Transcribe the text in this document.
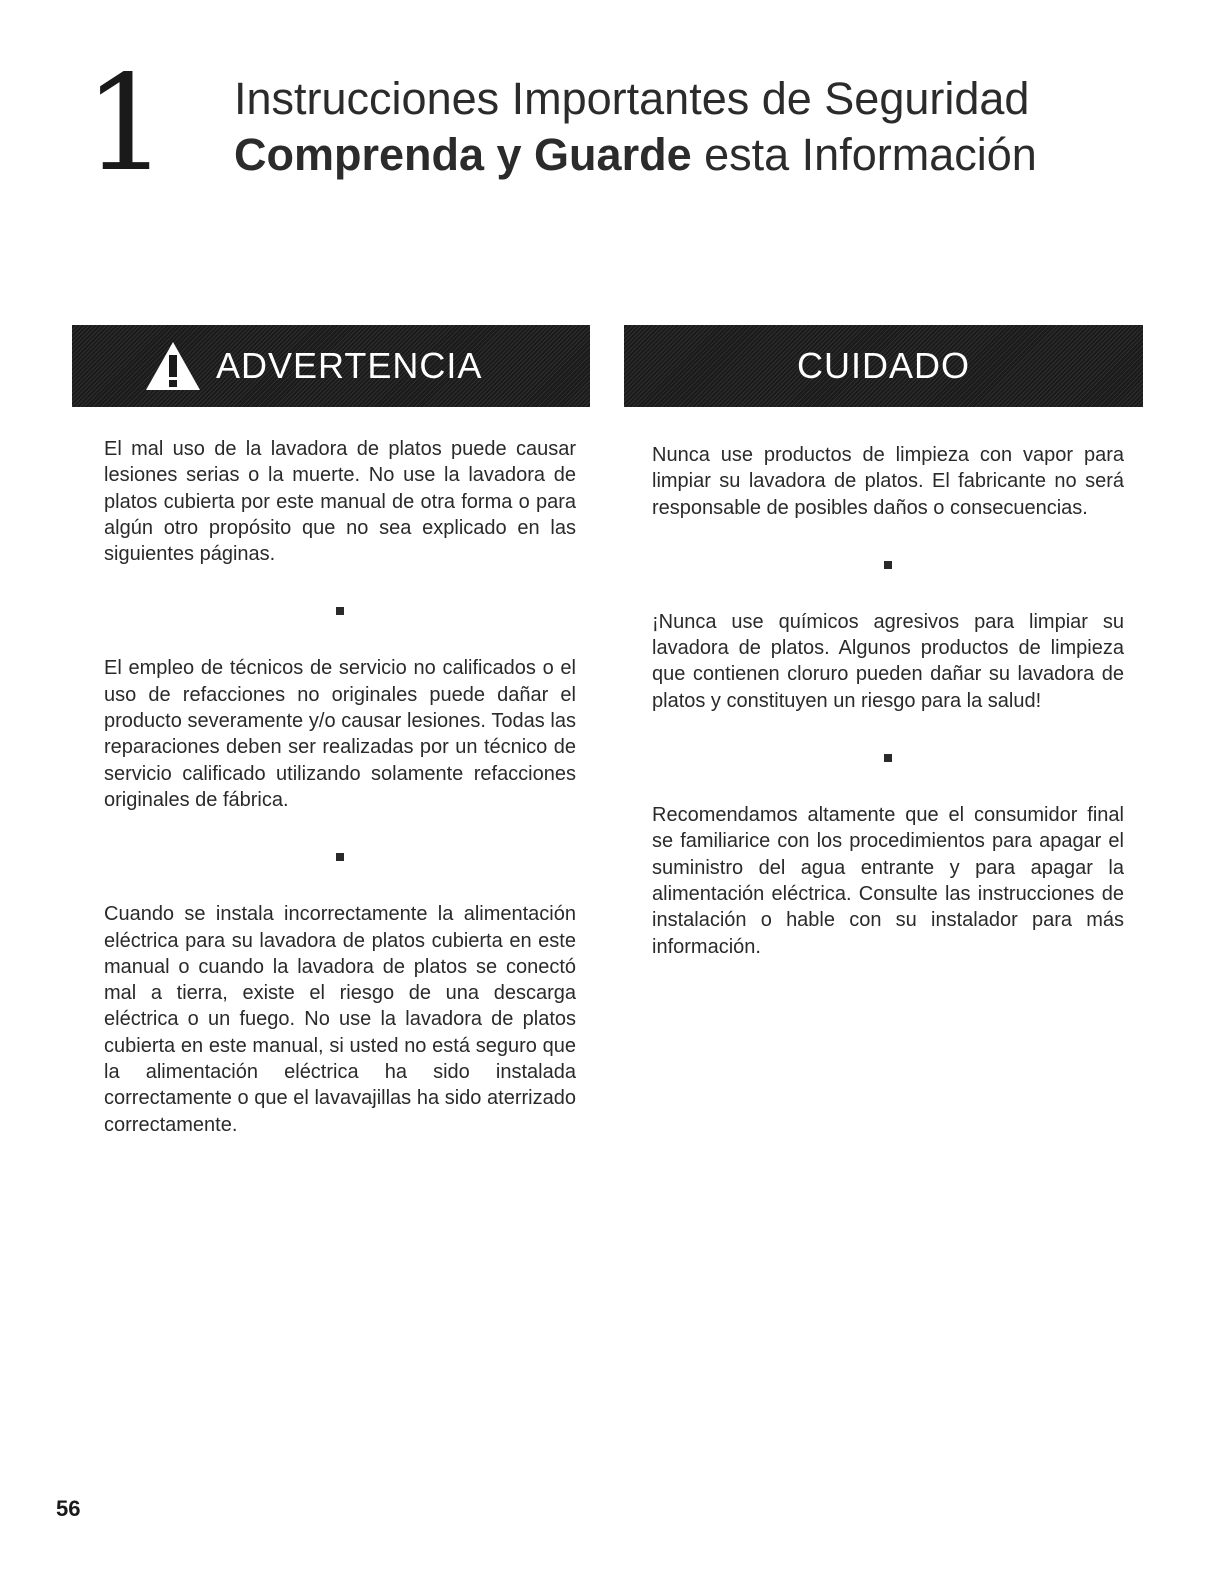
1 Instrucciones Importantes de Seguridad
Comprenda y Guarde esta Información
ADVERTENCIA	CUIDADO

El mal uso de la lavadora de platos puede causar lesiones serias o la muerte. No use la lavadora de platos cubierta por este manual de otra forma o para algún otro propósito que no sea explicado en las siguientes páginas.

El empleo de técnicos de servicio no calificados o el uso de refacciones no originales puede dañar el producto severamente y/o causar lesiones. Todas las reparaciones deben ser realizadas por un técnico de servicio calificado utilizando solamente refacciones originales de fábrica.

Cuando se instala incorrectamente la alimentación eléctrica para su lavadora de platos cubierta en este manual o cuando la lavadora de platos se conectó mal a tierra, existe el riesgo de una descarga eléctrica o un fuego. No use la lavadora de platos cubierta en este manual, si usted no está seguro que la alimentación eléctrica ha sido instalada correctamente o que el lavavajillas ha sido aterrizado correctamente.

Nunca use productos de limpieza con vapor para limpiar su lavadora de platos. El fabricante no será responsable de posibles daños o consecuencias.

¡Nunca use químicos agresivos para limpiar su lavadora de platos. Algunos productos de limpieza que contienen cloruro pueden dañar su lavadora de platos y constituyen un riesgo para la salud!

Recomendamos altamente que el consumidor final se familiarice con los procedimientos para apagar el suministro del agua entrante y para apagar la alimentación eléctrica. Consulte las instrucciones de instalación o hable con su instalador para más información.

56
